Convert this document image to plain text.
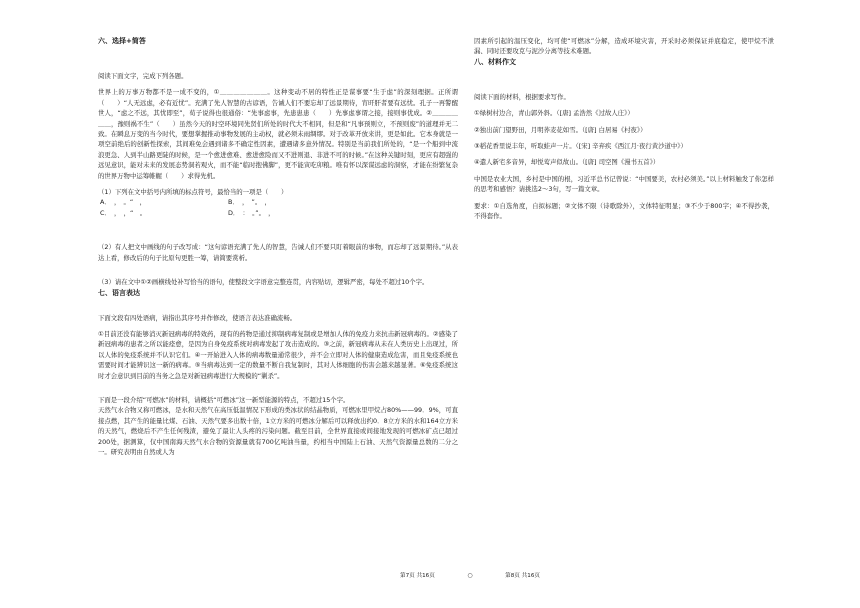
六、选择+简答

阅读下面文字，完成下列各题。

世界上的万事万物都不是一成不变的，①＿＿＿＿＿＿＿。这种变动不居的特性正是谋事要“生于虑”的深刻理据。正所谓（　　）“人无远虑，必有近忧”。充满了先人智慧的古谚语，告诫人们不要忘却了远景期待，宵旰肝者要有远忧。孔子一再警醒世人，“虑之不远，其忧即至”，荀子说得也很通俗：“先事虑事，先患患患（　　）先事虑事谓之接，接则事优成。②＿＿＿＿＿＿，豫则祸不生”（　　）虽然今天的时空环境同先贤们所处的时代大不相同，但是和“凡事预则立，不预则废”的道理并无二致。在瞬息万变的当今时代，要想掌握推动事物发展的主动权，就必须未雨绸缪。对于改革开放来讲，更是如此。它本身就是一项空前绝后的创新性探索，其间难免会遇到诸多不确定性因素，遭遇诸多意外情况。特别是当前我们所处的，“是一个船到中流浪更急、人到半山路更陡的时候，是一个愈进愈难、愈进愈险而又不进则退、非进不可的时候。”在这种关键时刻，更应有超强的远见意识，能对未来的发展态势洞若观火，而不能“临时抱佛脚”，更不能寅吃卯粮。唯有怀以深谋远虑的洞察，才能在纷繁复杂的世界万物中运筹帷幄（　　）求得先机。

（1）下列在文中括号内所填的标点符号，最恰当的一项是（　　）

A．　，　。“　，	B．　，　”。　，
C．　，　，“　。	D．　：　。”。　，

（2）有人把文中画线的句子改写成：“这句谚语充满了先人的智慧，告诫人们不要只盯着眼前的事物，而忘却了远景期待。”从表达上看，修改后的句子比原句更胜一筹，请简要赏析。

（3）请在文中①②画横线处补写恰当的语句，使整段文字语意完整连贯，内容贴切，逻辑严密，每处不超过10个字。

七、语言表达

下面文段有四处语病，请指出其序号并作修改，使语言表达准确流畅。

①目前还没有能够消灭新冠病毒的特效药，现有的药物是通过抑制病毒复制或是增加人体的免疫力来抗击新冠病毒的。②感染了新冠病毒的患者之所以能痊愈，是因为自身免疫系统对病毒发起了攻击造成的。③之前，新冠病毒从未在人类历史上出现过，所以人体的免疫系统并不认识它们。④一开始进入人体的病毒数量通常很少，并不会立即对人体的健康造成危害，而且免疫系统也需要时间才能辨识这一新的病毒。⑤当病毒达到一定的数量不断自我复制时，其对人体细胞的伤害会越来越显著。⑥免疫系统这时才会意识到目前的当务之急是对新冠病毒进行大规模的“剿杀”。

下面是一段介绍“可燃冰”的材料，请概括“可燃冰”这一新型能源的特点，不超过15个字。

天然气水合物又称可燃冰，是水和天然气在高压低温情况下形成的类冰状的结晶物质，可燃冰里甲烷占80%——99．9%，可直接点燃，其产生的能量比煤、石油、天然气要多出数十倍，1立方米的可燃冰分解后可以释放出约0．8立方米的水和164立方米的天然气，燃烧后不产生任何残渣，避免了最让人头疼的污染问题。截至目前，全世界直接或间接地发现的可燃冰矿点已超过200处，据测算，仅中国南海天然气水合物的资源量就有700亿吨油当量，约相当中国陆上石油、天然气资源量总数的二分之一。研究表明由自然或人为

因素所引起的温压变化，均可使“可燃冰”分解，造成环境灾害，开采时必须保证并底稳定，使甲烷不泄漏、同时还要攻克与泥沙分离等技术难题。

八、材料作文

阅读下面的材料，根据要求写作。

①绿树村边合，青山郭外斜。（[唐] 孟浩然《过故人庄》）

②独出前门望野田，月明荞麦花如雪。（[唐] 白居易《村夜》）

③稻花香里说丰年，听取蛙声一片。（[宋] 辛弃疾《西江月·夜行黄沙道中》）

④遣人新宅多音异，却悦莺声似故山。（[唐] 司空图《漫书五首》）

中国是农业大国，乡村是中国的根，习近平总书记曾说：“中国要美，农村必须美。”以上材料触发了你怎样的思考和感悟？请挑选2～3句，写一篇文章。

要求：①自选角度，自拟标题；②文体不限（诗歌除外），文体特征明显；③不少于800字；④不得抄袭，不得套作。

第7页 共16页	○	第8页 共16页
